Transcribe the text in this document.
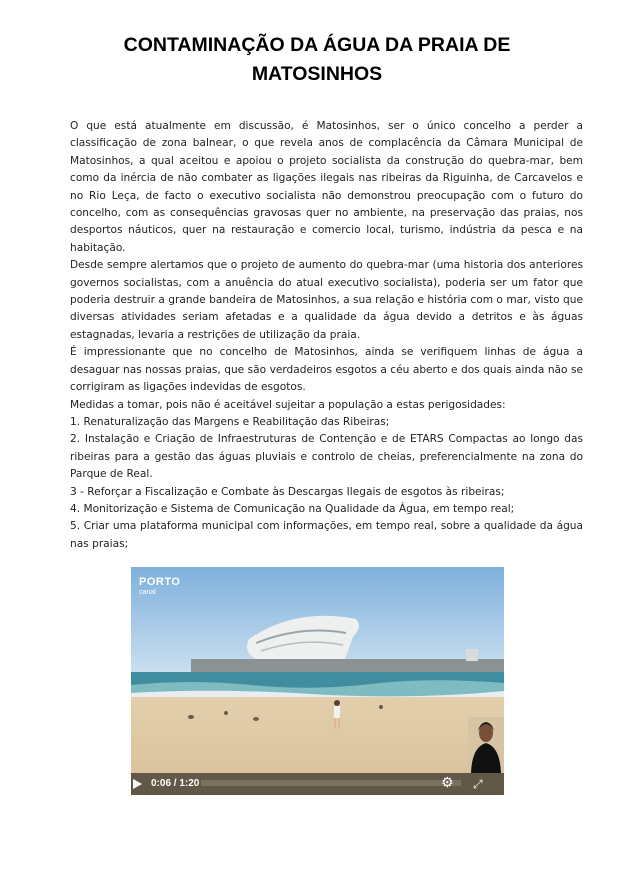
CONTAMINAÇÃO DA ÁGUA DA PRAIA DE MATOSINHOS

O que está atualmente em discussão, é Matosinhos, ser o único concelho a perder a classificação de zona balnear, o que revela anos de complacência da Câmara Municipal de Matosinhos, a qual aceitou e apoiou o projeto socialista da construção do quebra-mar, bem como da inércia de não combater as ligações ilegais nas ribeiras da Riguinha, de Carcavelos e no Rio Leça, de facto o executivo socialista não demonstrou preocupação com o futuro do concelho, com as consequências gravosas quer no ambiente, na preservação das praias, nos desportos náuticos, quer na restauração e comercio local, turismo, indústria da pesca e na habitação.

Desde sempre alertamos que o projeto de aumento do quebra-mar (uma historia dos anteriores governos socialistas, com a anuência do atual executivo socialista), poderia ser um fator que poderia destruir a grande bandeira de Matosinhos, a sua relação e história com o mar, visto que diversas atividades seriam afetadas e a qualidade da água devido a detritos e às águas estagnadas, levaria a restrições de utilização da praia.

É impressionante que no concelho de Matosinhos, ainda se verifiquem linhas de água a desaguar nas nossas praias, que são verdadeiros esgotos a céu aberto e dos quais ainda não se corrigiram as ligações indevidas de esgotos.

Medidas a tomar, pois não é aceitável sujeitar a população a estas perigosidades:

1. Renaturalização das Margens e Reabilitação das Ribeiras;

2. Instalação e Criação de Infraestruturas de Contenção e de ETARS Compactas ao longo das ribeiras para a gestão das águas pluviais e controlo de cheias, preferencialmente na zona do Parque de Real.

3 - Reforçar a Fiscalização e Combate às Descargas Ilegais de esgotos às ribeiras;

4. Monitorização e Sistema de Comunicação na Qualidade da Água, em tempo real;

5. Criar uma plataforma municipal com informações, em tempo real, sobre a qualidade da água nas praias;

PORTO
canal
0:06 / 1:20	⚙ ⤢
